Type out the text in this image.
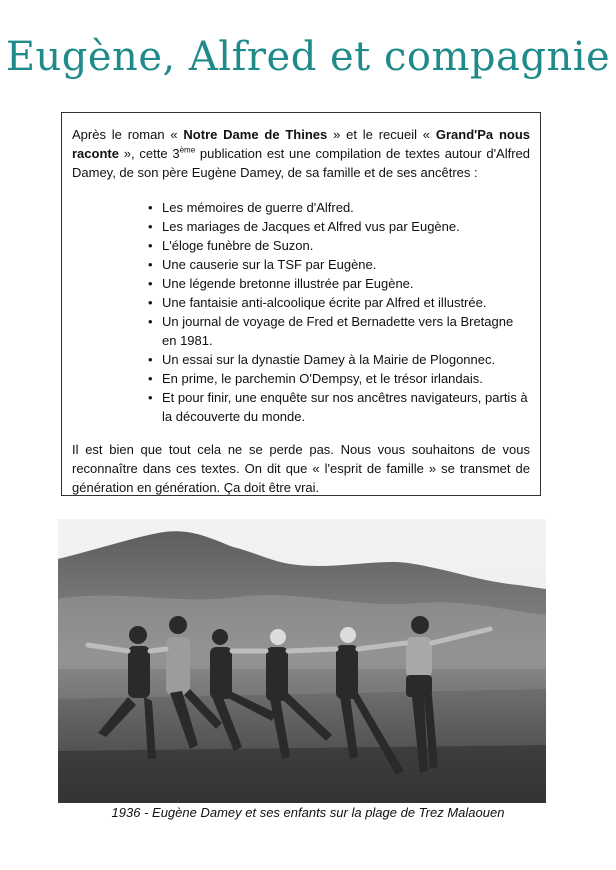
Eugène, Alfred et compagnie

Après le roman « Notre Dame de Thines » et le recueil « Grand'Pa nous raconte », cette 3ème publication est une compilation de textes autour d'Alfred Damey, de son père Eugène Damey, de sa famille et de ses ancêtres :

• Les mémoires de guerre d'Alfred.
• Les mariages de Jacques et Alfred vus par Eugène.
• L'éloge funèbre de Suzon.
• Une causerie sur la TSF par Eugène.
• Une légende bretonne illustrée par Eugène.
• Une fantaisie anti-alcoolique écrite par Alfred et illustrée.
• Un journal de voyage de Fred et Bernadette vers la Bretagne en 1981.
• Un essai sur la dynastie Damey à la Mairie de Plogonnec.
• En prime, le parchemin O'Dempsy, et le trésor irlandais.
• Et pour finir, une enquête sur nos ancêtres navigateurs, partis à la découverte du monde.

Il est bien que tout cela ne se perde pas. Nous vous souhaitons de vous reconnaître dans ces textes. On dit que « l'esprit de famille » se transmet de génération en génération. Ça doit être vrai.

1936 - Eugène Damey et ses enfants sur la plage de Trez Malaouen
